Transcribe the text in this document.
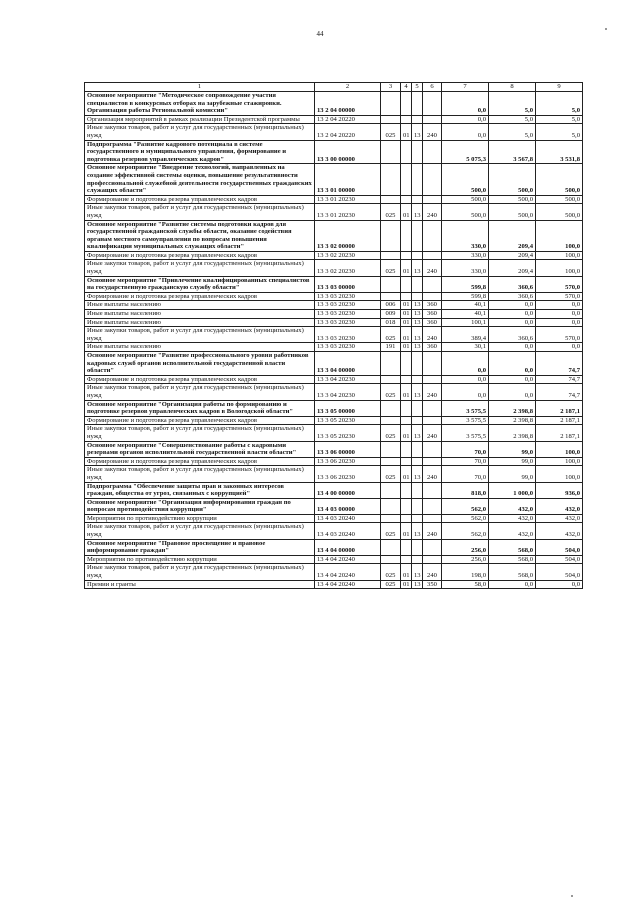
44
1	2	3	4	5	6	7	8	9
Основное мероприятие "Методическое сопровождение участия специалистов в конкурсных отборах на зарубежные стажировки. Организация работы Региональной комиссии"	13 2 04 00000					0,0	5,0	5,0
Организация мероприятий в рамках реализации Президентской программы	13 2 04 20220					0,0	5,0	5,0
Иные закупки товаров, работ и услуг для государственных (муниципальных) нужд	13 2 04 20220	025	01	13	240	0,0	5,0	5,0
Подпрограмма "Развитие кадрового потенциала в системе государственного и муниципального управления, формирование и подготовка резервов управленческих кадров"	13 3 00 00000					5 075,3	3 567,8	3 531,8
Основное мероприятие "Внедрение технологий, направленных на создание эффективной системы оценки, повышение результативности профессиональной служебной деятельности государственных гражданских служащих области"	13 3 01 00000					500,0	500,0	500,0
Формирование и подготовка резерва управленческих кадров	13 3 01 20230					500,0	500,0	500,0
Иные закупки товаров, работ и услуг для государственных (муниципальных) нужд	13 3 01 20230	025	01	13	240	500,0	500,0	500,0
Основное мероприятие "Развитие системы подготовки кадров для государственной гражданской службы области, оказание содействия органам местного самоуправления по вопросам повышения квалификации муниципальных служащих области"	13 3 02 00000					330,0	209,4	100,0
Формирование и подготовка резерва управленческих кадров	13 3 02 20230					330,0	209,4	100,0
Иные закупки товаров, работ и услуг для государственных (муниципальных) нужд	13 3 02 20230	025	01	13	240	330,0	209,4	100,0
Основное мероприятие "Привлечение квалифицированных специалистов на государственную гражданскую службу области"	13 3 03 00000					599,8	360,6	570,0
Формирование и подготовка резерва управленческих кадров	13 3 03 20230					599,8	360,6	570,0
Иные выплаты населению	13 3 03 20230	006	01	13	360	40,1	0,0	0,0
Иные выплаты населению	13 3 03 20230	009	01	13	360	40,1	0,0	0,0
Иные выплаты населению	13 3 03 20230	018	01	13	360	100,1	0,0	0,0
Иные закупки товаров, работ и услуг для государственных (муниципальных) нужд	13 3 03 20230	025	01	13	240	389,4	360,6	570,0
Иные выплаты населению	13 3 03 20230	191	01	13	360	30,1	0,0	0,0
Основное мероприятие "Развитие профессионального уровня работников кадровых служб органов исполнительной государственной власти области"	13 3 04 00000					0,0	0,0	74,7
Формирование и подготовка резерва управленческих кадров	13 3 04 20230					0,0	0,0	74,7
Иные закупки товаров, работ и услуг для государственных (муниципальных) нужд	13 3 04 20230	025	01	13	240	0,0	0,0	74,7
Основное мероприятие "Организация работы по формированию и подготовке резервов управленческих кадров в Вологодской области"	13 3 05 00000					3 575,5	2 398,8	2 187,1
Формирование и подготовка резерва управленческих кадров	13 3 05 20230					3 575,5	2 398,8	2 187,1
Иные закупки товаров, работ и услуг для государственных (муниципальных) нужд	13 3 05 20230	025	01	13	240	3 575,5	2 398,8	2 187,1
Основное мероприятие "Совершенствование работы с кадровыми резервами органов исполнительной государственной власти области"	13 3 06 00000					70,0	99,0	100,0
Формирование и подготовка резерва управленческих кадров	13 3 06 20230					70,0	99,0	100,0
Иные закупки товаров, работ и услуг для государственных (муниципальных) нужд	13 3 06 20230	025	01	13	240	70,0	99,0	100,0
Подпрограмма "Обеспечение защиты прав и законных интересов граждан, общества от угроз, связанных с коррупцией"	13 4 00 00000					818,0	1 000,0	936,0
Основное мероприятие "Организация информирования граждан по вопросам противодействия коррупции"	13 4 03 00000					562,0	432,0	432,0
Мероприятия по противодействию коррупции	13 4 03 20240					562,0	432,0	432,0
Иные закупки товаров, работ и услуг для государственных (муниципальных) нужд	13 4 03 20240	025	01	13	240	562,0	432,0	432,0
Основное мероприятие "Правовое просвещение и правовое информирование граждан"	13 4 04 00000					256,0	568,0	504,0
Мероприятия по противодействию коррупции	13 4 04 20240					256,0	568,0	504,0
Иные закупки товаров, работ и услуг для государственных (муниципальных) нужд	13 4 04 20240	025	01	13	240	198,0	568,0	504,0
Премии и гранты	13 4 04 20240	025	01	13	350	58,0	0,0	0,0
